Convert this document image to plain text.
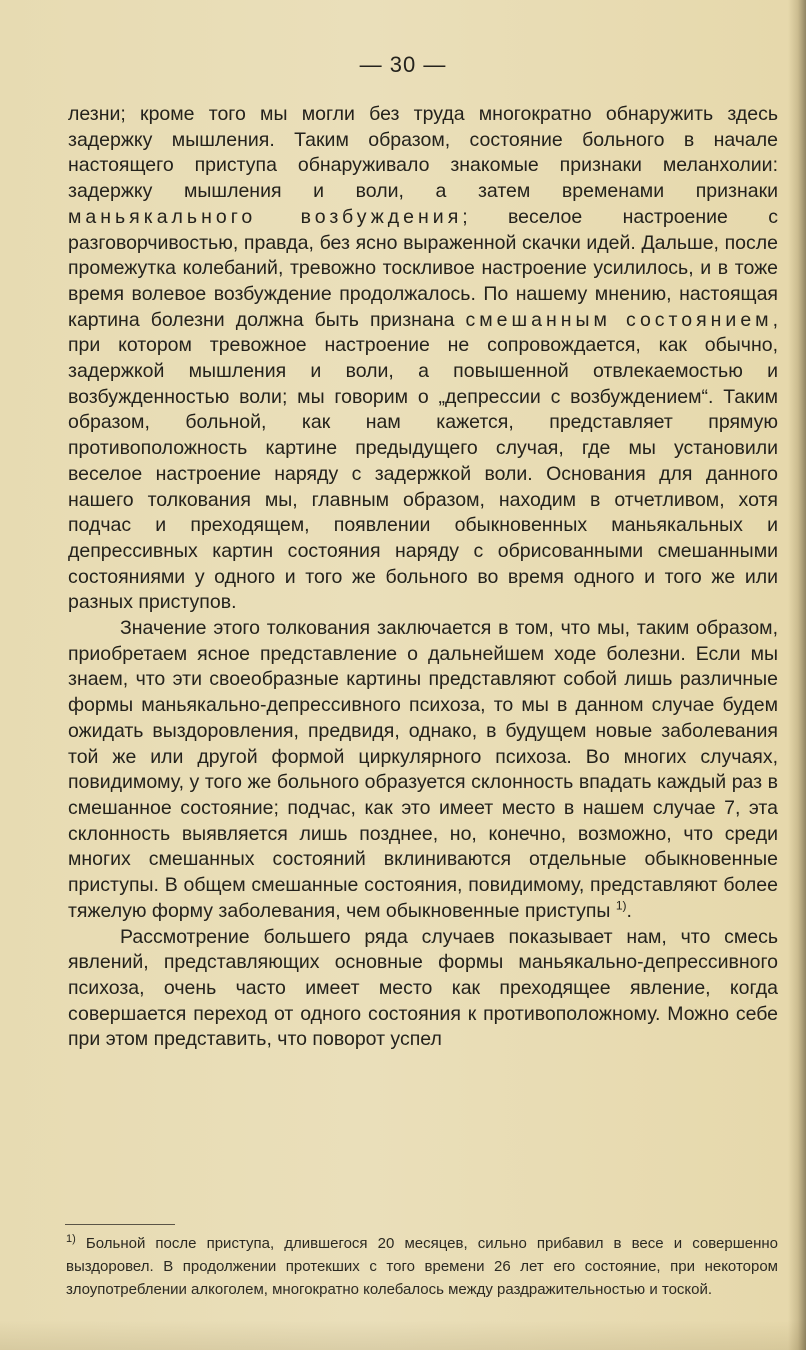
— 30 —

лезни; кроме того мы могли без труда многократно обнаружить здесь задержку мышления. Таким образом, состояние больного в начале настоящего приступа обнаруживало знакомые признаки меланхолии: задержку мышления и воли, а затем временами признаки маньякального возбуждения; веселое настроение с разговорчивостью, правда, без ясно выраженной скачки идей. Дальше, после промежутка колебаний, тревожно тоскливое настроение усилилось, и в тоже время волевое возбуждение продолжалось. По нашему мнению, настоящая картина болезни должна быть признана смешанным состоянием, при котором тревожное настроение не сопровождается, как обычно, задержкой мышления и воли, а повышенной отвлекаемостью и возбужденностью воли; мы говорим о „депрессии с возбуждением“. Таким образом, больной, как нам кажется, представляет прямую противоположность картине предыдущего случая, где мы установили веселое настроение наряду с задержкой воли. Основания для данного нашего толкования мы, главным образом, находим в отчетливом, хотя подчас и преходящем, появлении обыкновенных маньякальных и депрессивных картин состояния наряду с обрисованными смешанными состояниями у одного и того же больного во время одного и того же или разных приступов.

Значение этого толкования заключается в том, что мы, таким образом, приобретаем ясное представление о дальнейшем ходе болезни. Если мы знаем, что эти своеобразные картины представляют собой лишь различные формы маньякально-депрессивного психоза, то мы в данном случае будем ожидать выздоровления, предвидя, однако, в будущем новые заболевания той же или другой формой циркулярного психоза. Во многих случаях, повидимому, у того же больного образуется склонность впадать каждый раз в смешанное состояние; подчас, как это имеет место в нашем случае 7, эта склонность выявляется лишь позднее, но, конечно, возможно, что среди многих смешанных состояний вклиниваются отдельные обыкновенные приступы. В общем смешанные состояния, повидимому, представляют более тяжелую форму заболевания, чем обыкновенные приступы $^{1)}$.

Рассмотрение большего ряда случаев показывает нам, что смесь явлений, представляющих основные формы маньякально-депрессивного психоза, очень часто имеет место как преходящее явление, когда совершается переход от одного состояния к противоположному. Можно себе при этом представить, что поворот успел

$^{1)}$ Больной после приступа, длившегося 20 месяцев, сильно прибавил в весе и совершенно выздоровел. В продолжении протекших с того времени 26 лет его состояние, при некотором злоупотреблении алкоголем, многократно колебалось между раздражительностью и тоской.
